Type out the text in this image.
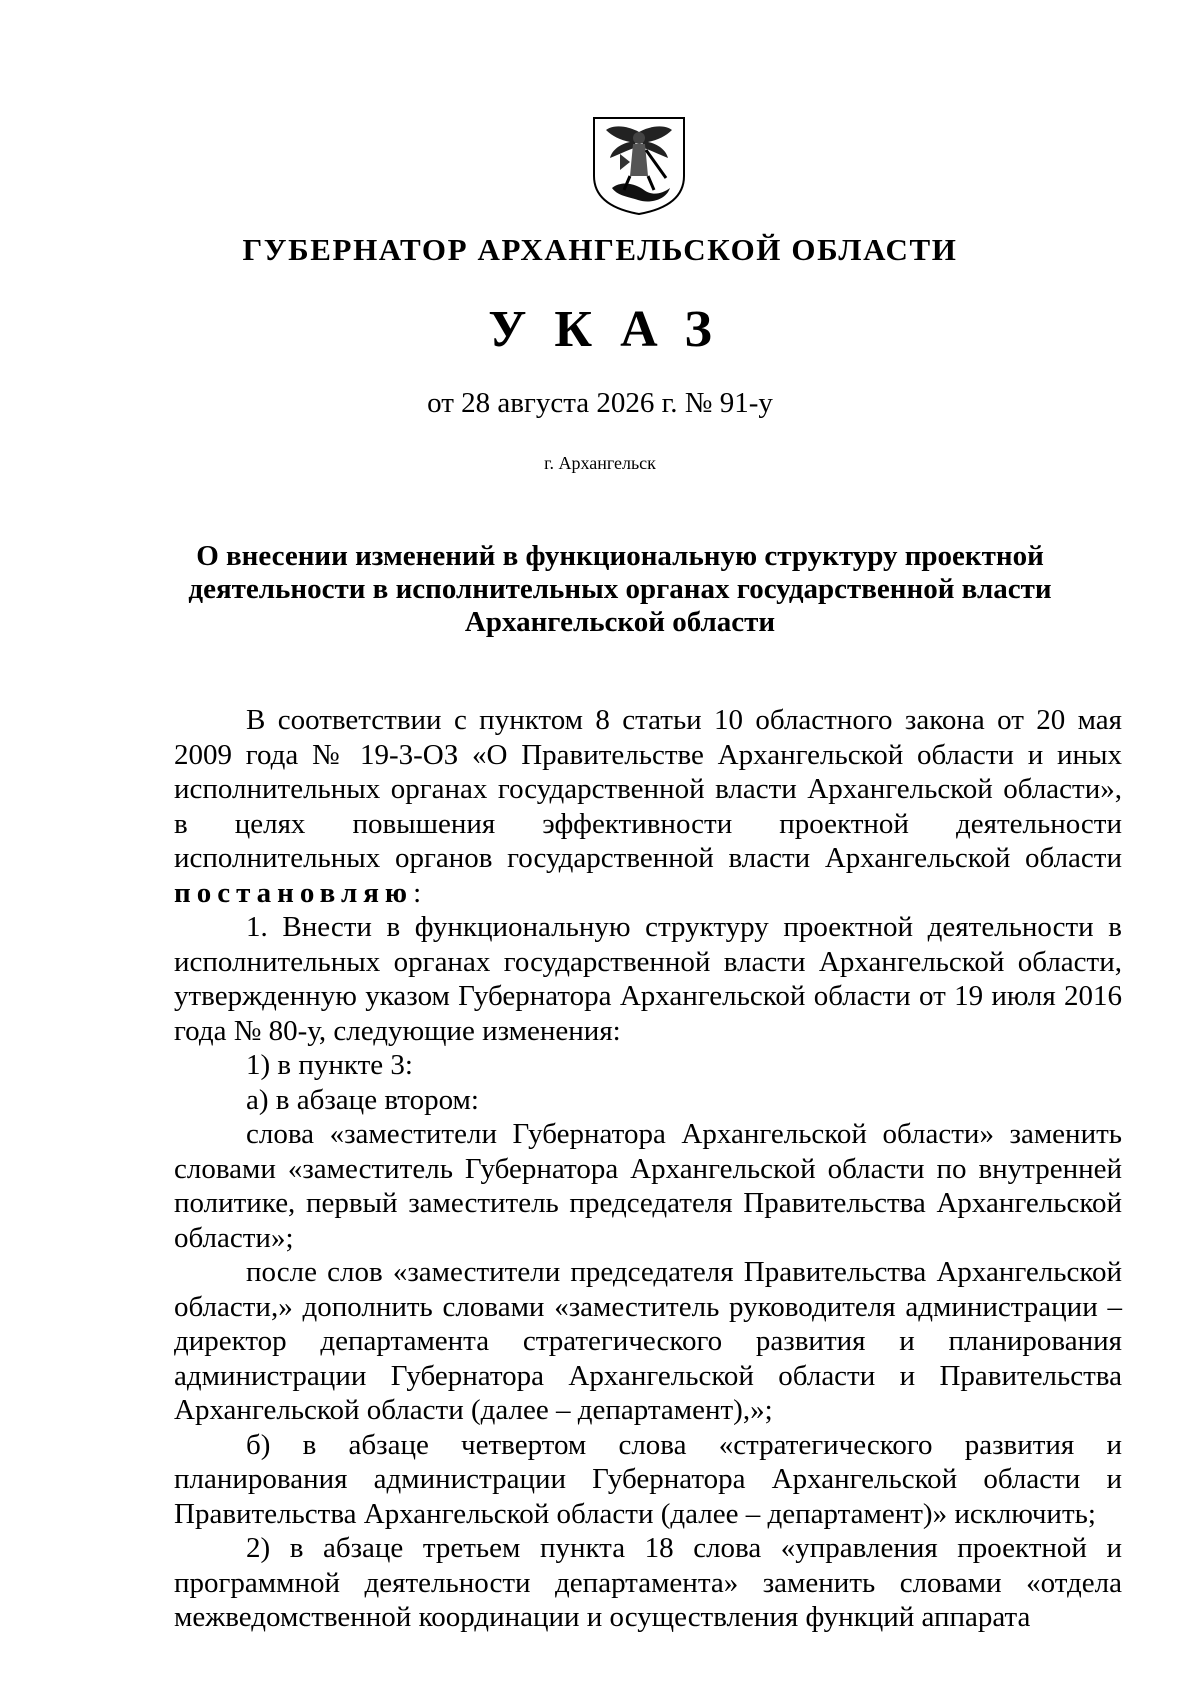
ГУБЕРНАТОР АРХАНГЕЛЬСКОЙ ОБЛАСТИ
УКАЗ
от 28 августа 2026 г. № 91-у
г. Архангельск
О внесении изменений в функциональную структуру проектной
деятельности в исполнительных органах государственной власти
Архангельской области

В соответствии с пунктом 8 статьи 10 областного закона от 20 мая 2009 года № 19-3-ОЗ «О Правительстве Архангельской области и иных исполнительных органах государственной власти Архангельской области», в целях повышения эффективности проектной деятельности исполнительных органов государственной власти Архангельской области постановляю:

1. Внести в функциональную структуру проектной деятельности в исполнительных органах государственной власти Архангельской области, утвержденную указом Губернатора Архангельской области от 19 июля 2016 года № 80-у, следующие изменения:

1) в пункте 3:

а) в абзаце втором:

слова «заместители Губернатора Архангельской области» заменить словами «заместитель Губернатора Архангельской области по внутренней политике, первый заместитель председателя Правительства Архангельской области»;

после слов «заместители председателя Правительства Архангельской области,» дополнить словами «заместитель руководителя администрации – директор департамента стратегического развития и планирования администрации Губернатора Архангельской области и Правительства Архангельской области (далее – департамент),»;

б) в абзаце четвертом слова «стратегического развития и планирования администрации Губернатора Архангельской области и Правительства Архангельской области (далее – департамент)» исключить;

2) в абзаце третьем пункта 18 слова «управления проектной и программной деятельности департамента» заменить словами «отдела межведомственной координации и осуществления функций аппарата
